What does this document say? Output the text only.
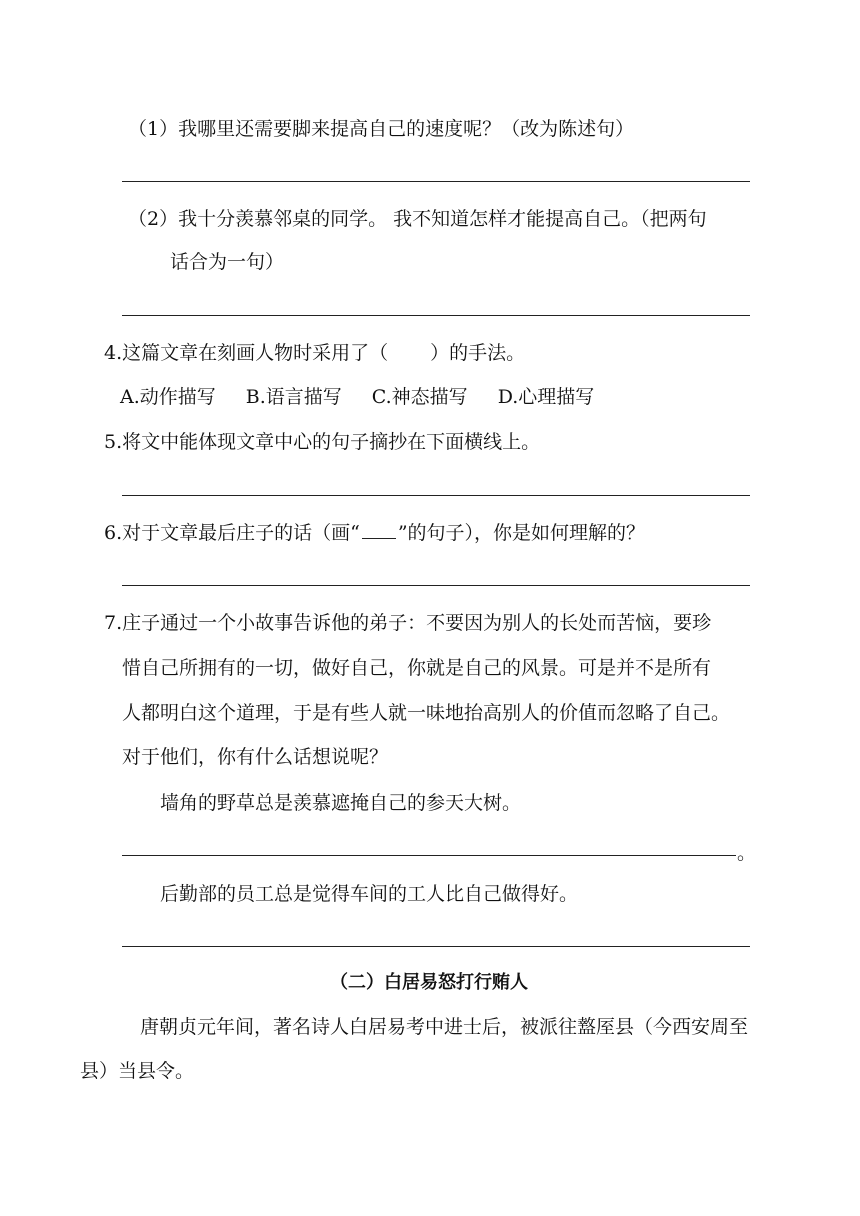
（1）我哪里还需要脚来提高自己的速度呢？（改为陈述句）
（2）我十分羡慕邻桌的同学。 我不知道怎样才能提高自己。（把两句
话合为一句）
4.这篇文章在刻画人物时采用了（ ）的手法。
A.动作描写 B.语言描写 C.神态描写 D.心理描写
5.将文中能体现文章中心的句子摘抄在下面横线上。
6.对于文章最后庄子的话（画“ ”的句子），你是如何理解的？
7.庄子通过一个小故事告诉他的弟子：不要因为别人的长处而苦恼，要珍
惜自己所拥有的一切，做好自己，你就是自己的风景。可是并不是所有
人都明白这个道理，于是有些人就一味地抬高别人的价值而忽略了自己。
对于他们，你有什么话想说呢？
墙角的野草总是羡慕遮掩自己的参天大树。
。
后勤部的员工总是觉得车间的工人比自己做得好。
（二）白居易怒打行贿人
唐朝贞元年间，著名诗人白居易考中进士后，被派往盩厔县（今西安周至
县）当县令。
